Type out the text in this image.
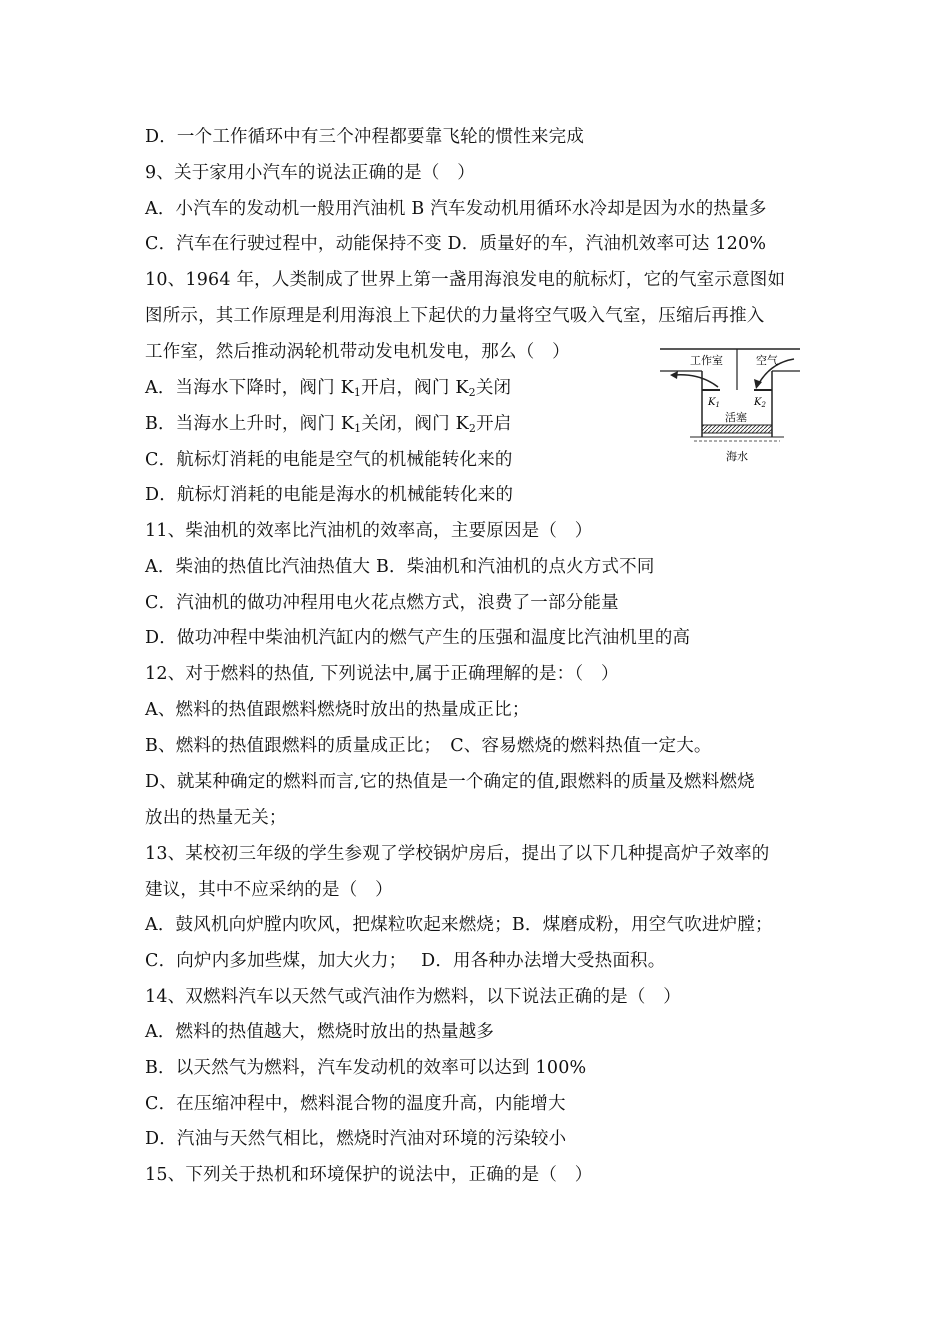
D．一个工作循环中有三个冲程都要靠飞轮的惯性来完成
9、关于家用小汽车的说法正确的是（　）
A．小汽车的发动机一般用汽油机 B 汽车发动机用循环水冷却是因为水的热量多
C．汽车在行驶过程中，动能保持不变 D．质量好的车，汽油机效率可达 120%
10、1964 年，人类制成了世界上第一盏用海浪发电的航标灯，它的气室示意图如
图所示，其工作原理是利用海浪上下起伏的力量将空气吸入气室，压缩后再推入
工作室，然后推动涡轮机带动发电机发电，那么（　）
A．当海水下降时，阀门 $K_1$开启，阀门 $K_2$关闭
B．当海水上升时，阀门 $K_1$关闭，阀门 $K_2$开启
C．航标灯消耗的电能是空气的机械能转化来的
D．航标灯消耗的电能是海水的机械能转化来的
工作室	空气
$K_1$	$K_2$
活塞
海水
11、柴油机的效率比汽油机的效率高，主要原因是（　）
A．柴油的热值比汽油热值大 B．柴油机和汽油机的点火方式不同
C．汽油机的做功冲程用电火花点燃方式，浪费了一部分能量
D．做功冲程中柴油机汽缸内的燃气产生的压强和温度比汽油机里的高
12、对于燃料的热值, 下列说法中,属于正确理解的是：（　）
A、燃料的热值跟燃料燃烧时放出的热量成正比；
B、燃料的热值跟燃料的质量成正比；　C、容易燃烧的燃料热值一定大。
D、就某种确定的燃料而言,它的热值是一个确定的值,跟燃料的质量及燃料燃烧
放出的热量无关；
13、某校初三年级的学生参观了学校锅炉房后，提出了以下几种提高炉子效率的
建议，其中不应采纳的是（　）
A．鼓风机向炉膛内吹风，把煤粒吹起来燃烧；B．煤磨成粉，用空气吹进炉膛；
C．向炉内多加些煤，加大火力；　 D．用各种办法增大受热面积。
14、双燃料汽车以天然气或汽油作为燃料，以下说法正确的是（　）
A．燃料的热值越大，燃烧时放出的热量越多
B．以天然气为燃料，汽车发动机的效率可以达到 100%
C．在压缩冲程中，燃料混合物的温度升高，内能增大
D．汽油与天然气相比，燃烧时汽油对环境的污染较小
15、下列关于热机和环境保护的说法中，正确的是（　）
